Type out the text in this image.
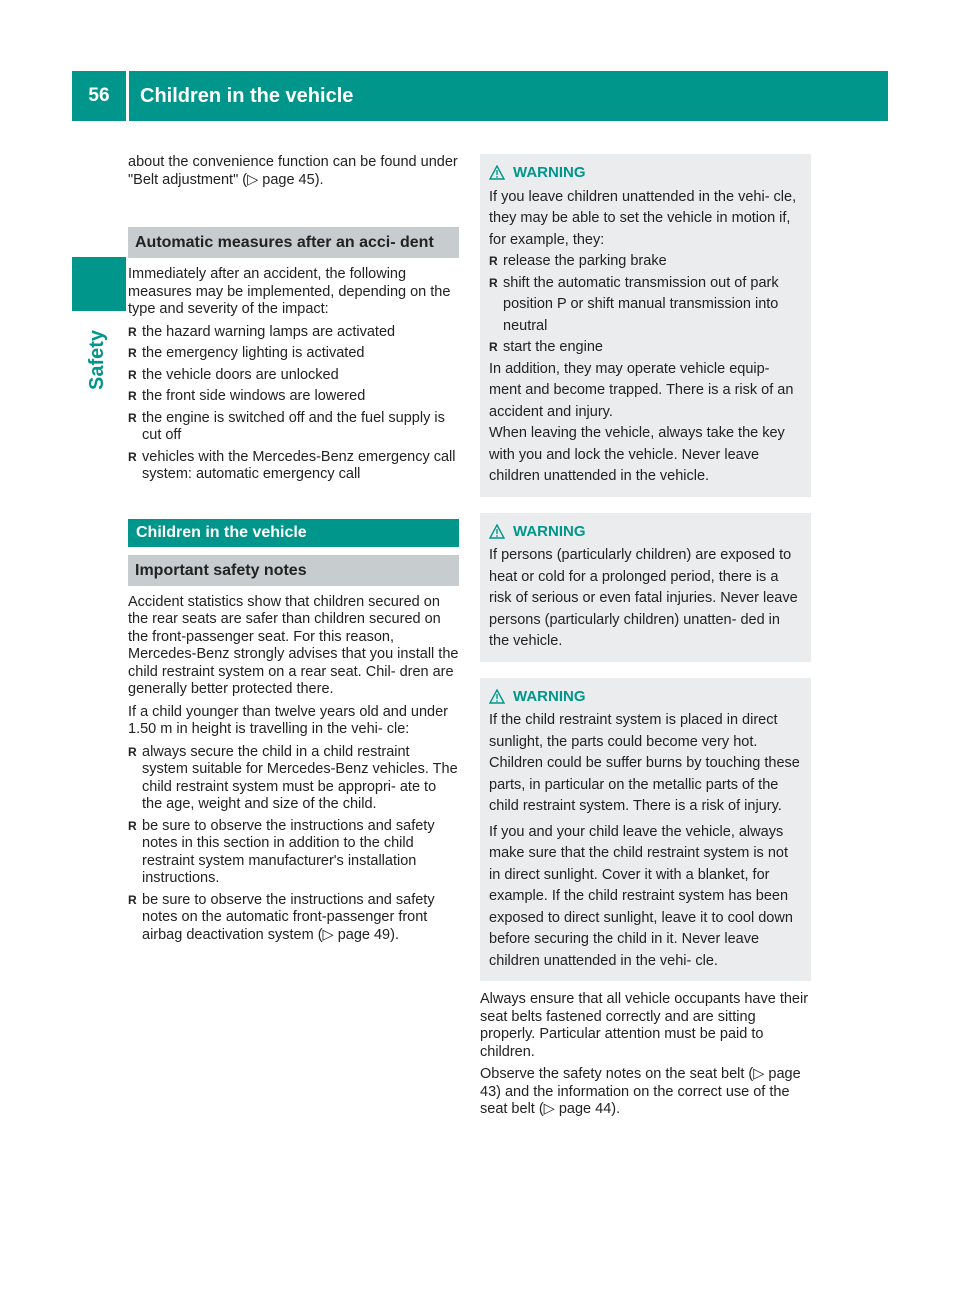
56	Children in the vehicle
Safety

about the convenience function can be found under "Belt adjustment" (▷ page 45).

Automatic measures after an acci- dent

Immediately after an accident, the following measures may be implemented, depending on the type and severity of the impact:

R the hazard warning lamps are activated
R the emergency lighting is activated
R the vehicle doors are unlocked
R the front side windows are lowered
R the engine is switched off and the fuel supply is cut off
R vehicles with the Mercedes-Benz emergency call system: automatic emergency call
Children in the vehicle
Important safety notes

Accident statistics show that children secured on the rear seats are safer than children secured on the front-passenger seat. For this reason, Mercedes-Benz strongly advises that you install the child restraint system on a rear seat. Chil- dren are generally better protected there.

If a child younger than twelve years old and under 1.50 m in height is travelling in the vehi- cle:

R always secure the child in a child restraint system suitable for Mercedes-Benz vehicles. The child restraint system must be appropri- ate to the age, weight and size of the child.
R be sure to observe the instructions and safety notes in this section in addition to the child restraint system manufacturer's installation instructions.
R be sure to observe the instructions and safety notes on the automatic front-passenger front airbag deactivation system (▷ page 49).
WARNING

If you leave children unattended in the vehi- cle, they may be able to set the vehicle in motion if, for example, they:

R release the parking brake
R shift the automatic transmission out of park position P or shift manual transmission into neutral
R start the engine

In addition, they may operate vehicle equip- ment and become trapped. There is a risk of an accident and injury.

When leaving the vehicle, always take the key with you and lock the vehicle. Never leave children unattended in the vehicle.

WARNING

If persons (particularly children) are exposed to heat or cold for a prolonged period, there is a risk of serious or even fatal injuries. Never leave persons (particularly children) unatten- ded in the vehicle.

WARNING

If the child restraint system is placed in direct sunlight, the parts could become very hot. Children could be suffer burns by touching these parts, in particular on the metallic parts of the child restraint system. There is a risk of injury.

If you and your child leave the vehicle, always make sure that the child restraint system is not in direct sunlight. Cover it with a blanket, for example. If the child restraint system has been exposed to direct sunlight, leave it to cool down before securing the child in it. Never leave children unattended in the vehi- cle.

Always ensure that all vehicle occupants have their seat belts fastened correctly and are sitting properly. Particular attention must be paid to children.

Observe the safety notes on the seat belt (▷ page 43) and the information on the correct use of the seat belt (▷ page 44).
